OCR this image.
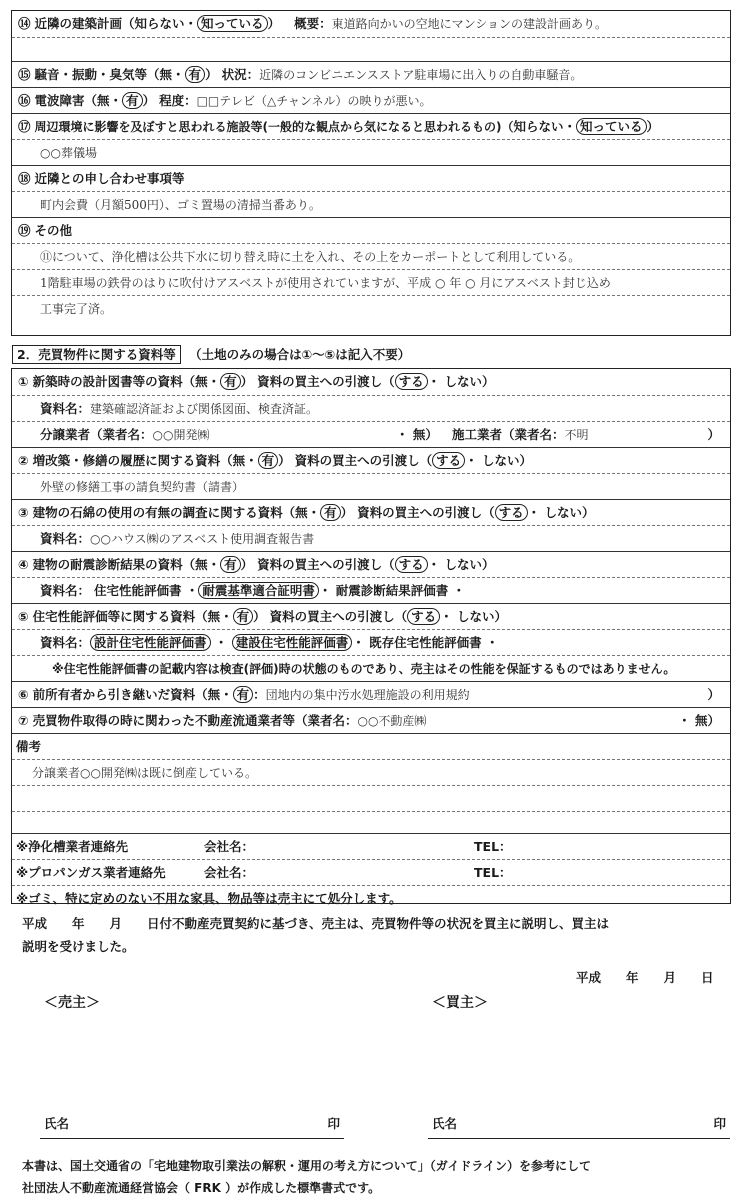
⑭ 近隣の建築計画（知らない・ 知っている ） 概要：東道路向かいの空地にマンションの建設計画あり。
⑮ 騒音・振動・臭気等（無・ 有 ） 状況：近隣のコンビニエンスストア駐車場に出入りの自動車騒音。
⑯ 電波障害（無・ 有 ） 程度：□□テレビ（△チャンネル）の映りが悪い。
⑰ 周辺環境に影響を及ぼすと思われる施設等(一般的な観点から気になると思われるもの)（知らない・ 知っている ）
○○葬儀場
⑱ 近隣との申し合わせ事項等
町内会費（月額500円）、ゴミ置場の清掃当番あり。
⑲ その他
⑪について、浄化槽は公共下水に切り替え時に土を入れ、その上をカーポートとして利用している。
1階駐車場の鉄骨のはりに吹付けアスベストが使用されていますが、平成 ○ 年 ○ 月にアスベスト封じ込め
工事完了済。
2．売買物件に関する資料等 （土地のみの場合は①～⑤は記入不要）
① 新築時の設計図書等の資料（無・ 有 ） 資料の買主への引渡し（ する ・ しない）
資料名：建築確認済証および関係図面、検査済証。
分譲業者（業者名：○○開発㈱	・ 無） 施工業者（業者名：不明	）
② 増改築・修繕の履歴に関する資料（無・ 有 ） 資料の買主への引渡し（ する ・ しない）
外壁の修繕工事の請負契約書（請書）
③ 建物の石綿の使用の有無の調査に関する資料（無・ 有 ） 資料の買主への引渡し（ する ・ しない）
資料名：○○ハウス㈱のアスベスト使用調査報告書
④ 建物の耐震診断結果の資料（無・ 有 ） 資料の買主への引渡し（ する ・ しない）
資料名： 住宅性能評価書 ・ 耐震基準適合証明書 ・ 耐震診断結果評価書 ・
⑤ 住宅性能評価等に関する資料（無・ 有 ） 資料の買主への引渡し（ する ・ しない）
資料名： 設計住宅性能評価書 ・ 建設住宅性能評価書 ・ 既存住宅性能評価書 ・
※住宅性能評価書の記載内容は検査(評価)時の状態のものであり、売主はその性能を保証するものではありません。
⑥ 前所有者から引き継いだ資料（無・ 有 ：団地内の集中汚水処理施設の利用規約	）
⑦ 売買物件取得の時に関わった不動産流通業者等（業者名：○○不動産㈱	・ 無）
備考
分譲業者○○開発㈱は既に倒産している。
※浄化槽業者連絡先	会社名：	TEL：
※プロパンガス業者連絡先	会社名：	TEL：
※ゴミ、特に定めのない不用な家具、物品等は売主にて処分します。
平成　　年　　月　　日付不動産売買契約に基づき、売主は、売買物件等の状況を買主に説明し、買主は
説明を受けました。
平成　　年　　月　　日
＜売主＞	＜買主＞
氏名	印	氏名	印
本書は、国土交通省の「宅地建物取引業法の解釈・運用の考え方について」（ガイドライン）を参考にして
社団法人不動産流通経営協会（ FRK ）が作成した標準書式です。
